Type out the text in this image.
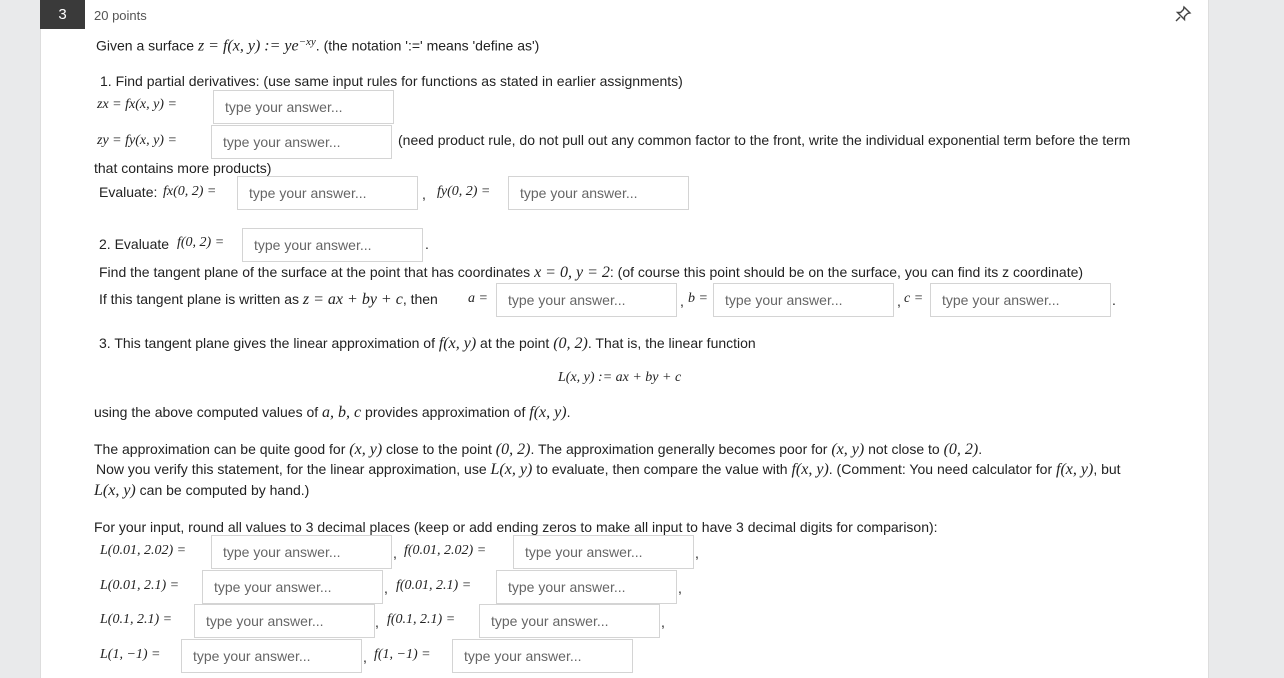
3	20 points
Given a surface z = f(x, y) := $ye^{-xy}$. (the notation ':=' means 'define as')
1. Find partial derivatives: (use same input rules for functions as stated in earlier assignments)
zx = fx(x, y) =	type your answer...
zy = fy(x, y) =	type your answer...	(need product rule, do not pull out any common factor to the front, write the individual exponential term before the term
that contains more products)
Evaluate: fx(0, 2) = type your answer...	, fy(0, 2) = type your answer...
2. Evaluate f(0, 2) = type your answer...	.
Find the tangent plane of the surface at the point that has coordinates x = 0, y = 2: (of course this point should be on the surface, you can find its z coordinate)
If this tangent plane is written as z = ax + by + c, then a = type your answer...	, b = type your answer...	, c = type your answer...	.
3. This tangent plane gives the linear approximation of f(x, y) at the point (0, 2). That is, the linear function
L(x, y) := ax + by + c
using the above computed values of a, b, c provides approximation of f(x, y).
The approximation can be quite good for (x, y) close to the point (0, 2). The approximation generally becomes poor for (x, y) not close to (0, 2).
Now you verify this statement, for the linear approximation, use L(x, y) to evaluate, then compare the value with f(x, y). (Comment: You need calculator for f(x, y), but
L(x, y) can be computed by hand.)
For your input, round all values to 3 decimal places (keep or add ending zeros to make all input to have 3 decimal digits for comparison):
L(0.01, 2.02) =	type your answer...	, f(0.01, 2.02) =	type your answer...	,
L(0.01, 2.1) = type your answer...	, f(0.01, 2.1) =	type your answer...	,
L(0.1, 2.1) = type your answer...	, f(0.1, 2.1) =	type your answer...	,
L(1, −1) = type your answer...	, f(1, −1) = type your answer...
